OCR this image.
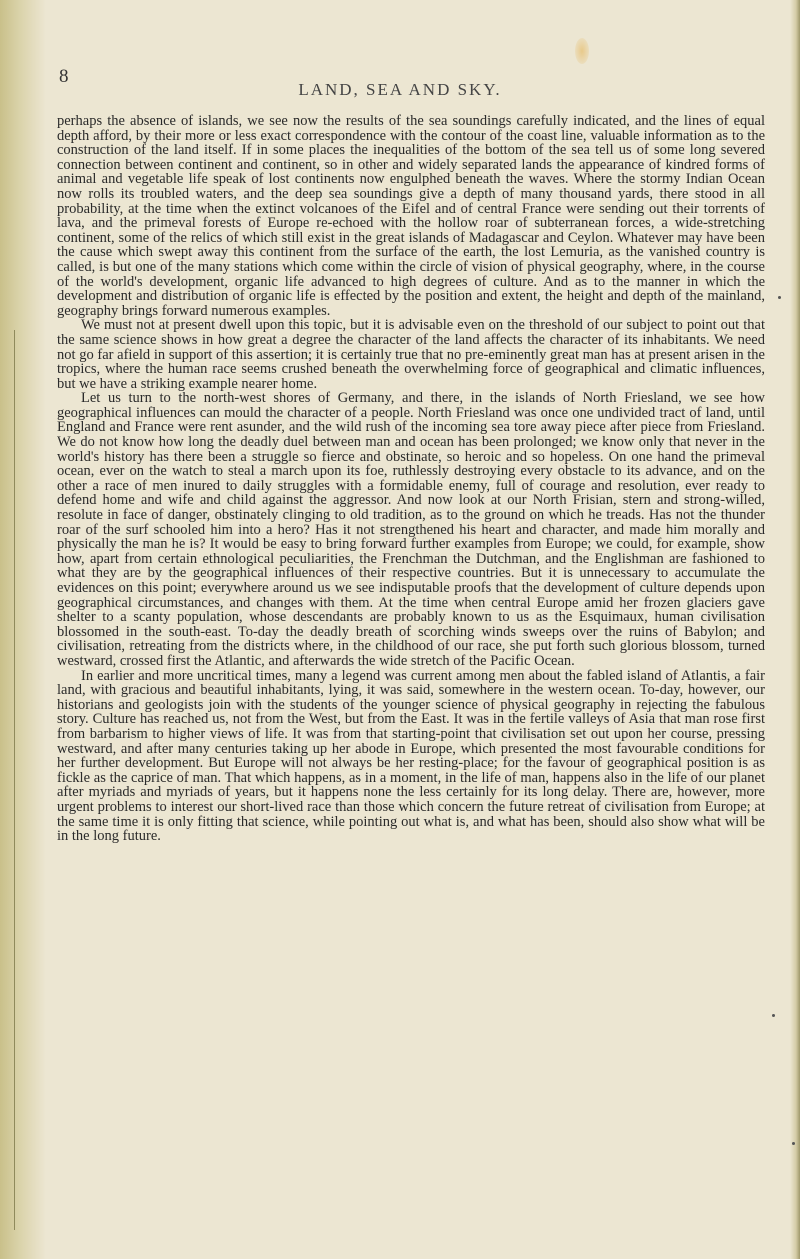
8
LAND, SEA AND SKY.

perhaps the absence of islands, we see now the results of the sea soundings carefully indicated, and the lines of equal depth afford, by their more or less exact correspondence with the contour of the coast line, valuable information as to the construction of the land itself. If in some places the inequalities of the bottom of the sea tell us of some long severed connection between continent and continent, so in other and widely separated lands the appearance of kindred forms of animal and vegetable life speak of lost continents now engulphed beneath the waves. Where the stormy Indian Ocean now rolls its troubled waters, and the deep sea soundings give a depth of many thousand yards, there stood in all probability, at the time when the extinct volcanoes of the Eifel and of central France were sending out their torrents of lava, and the primeval forests of Europe re-echoed with the hollow roar of subterranean forces, a wide-stretching continent, some of the relics of which still exist in the great islands of Madagascar and Ceylon. Whatever may have been the cause which swept away this continent from the surface of the earth, the lost Lemuria, as the vanished country is called, is but one of the many stations which come within the circle of vision of physical geography, where, in the course of the world's development, organic life advanced to high degrees of culture. And as to the manner in which the development and distribution of organic life is effected by the position and extent, the height and depth of the mainland, geography brings forward numerous examples.

We must not at present dwell upon this topic, but it is advisable even on the threshold of our subject to point out that the same science shows in how great a degree the character of the land affects the character of its inhabitants. We need not go far afield in support of this assertion; it is certainly true that no pre-eminently great man has at present arisen in the tropics, where the human race seems crushed beneath the overwhelming force of geographical and climatic influences, but we have a striking example nearer home.

Let us turn to the north-west shores of Germany, and there, in the islands of North Friesland, we see how geographical influences can mould the character of a people. North Friesland was once one undivided tract of land, until England and France were rent asunder, and the wild rush of the incoming sea tore away piece after piece from Friesland. We do not know how long the deadly duel between man and ocean has been prolonged; we know only that never in the world's history has there been a struggle so fierce and obstinate, so heroic and so hopeless. On one hand the primeval ocean, ever on the watch to steal a march upon its foe, ruthlessly destroying every obstacle to its advance, and on the other a race of men inured to daily struggles with a formidable enemy, full of courage and resolution, ever ready to defend home and wife and child against the aggressor. And now look at our North Frisian, stern and strong-willed, resolute in face of danger, obstinately clinging to old tradition, as to the ground on which he treads. Has not the thunder roar of the surf schooled him into a hero? Has it not strengthened his heart and character, and made him morally and physically the man he is? It would be easy to bring forward further examples from Europe; we could, for example, show how, apart from certain ethnological peculiarities, the Frenchman the Dutchman, and the Englishman are fashioned to what they are by the geographical influences of their respective countries. But it is unnecessary to accumulate the evidences on this point; everywhere around us we see indisputable proofs that the development of culture depends upon geographical circumstances, and changes with them. At the time when central Europe amid her frozen glaciers gave shelter to a scanty population, whose descendants are probably known to us as the Esquimaux, human civilisation blossomed in the south-east. To-day the deadly breath of scorching winds sweeps over the ruins of Babylon; and civilisation, retreating from the districts where, in the childhood of our race, she put forth such glorious blossom, turned westward, crossed first the Atlantic, and afterwards the wide stretch of the Pacific Ocean.

In earlier and more uncritical times, many a legend was current among men about the fabled island of Atlantis, a fair land, with gracious and beautiful inhabitants, lying, it was said, somewhere in the western ocean. To-day, however, our historians and geologists join with the students of the younger science of physical geography in rejecting the fabulous story. Culture has reached us, not from the West, but from the East. It was in the fertile valleys of Asia that man rose first from barbarism to higher views of life. It was from that starting-point that civilisation set out upon her course, pressing westward, and after many centuries taking up her abode in Europe, which presented the most favourable conditions for her further development. But Europe will not always be her resting-place; for the favour of geographical position is as fickle as the caprice of man. That which happens, as in a moment, in the life of man, happens also in the life of our planet after myriads and myriads of years, but it happens none the less certainly for its long delay. There are, however, more urgent problems to interest our short-lived race than those which concern the future retreat of civilisation from Europe; at the same time it is only fitting that science, while pointing out what is, and what has been, should also show what will be in the long future.
